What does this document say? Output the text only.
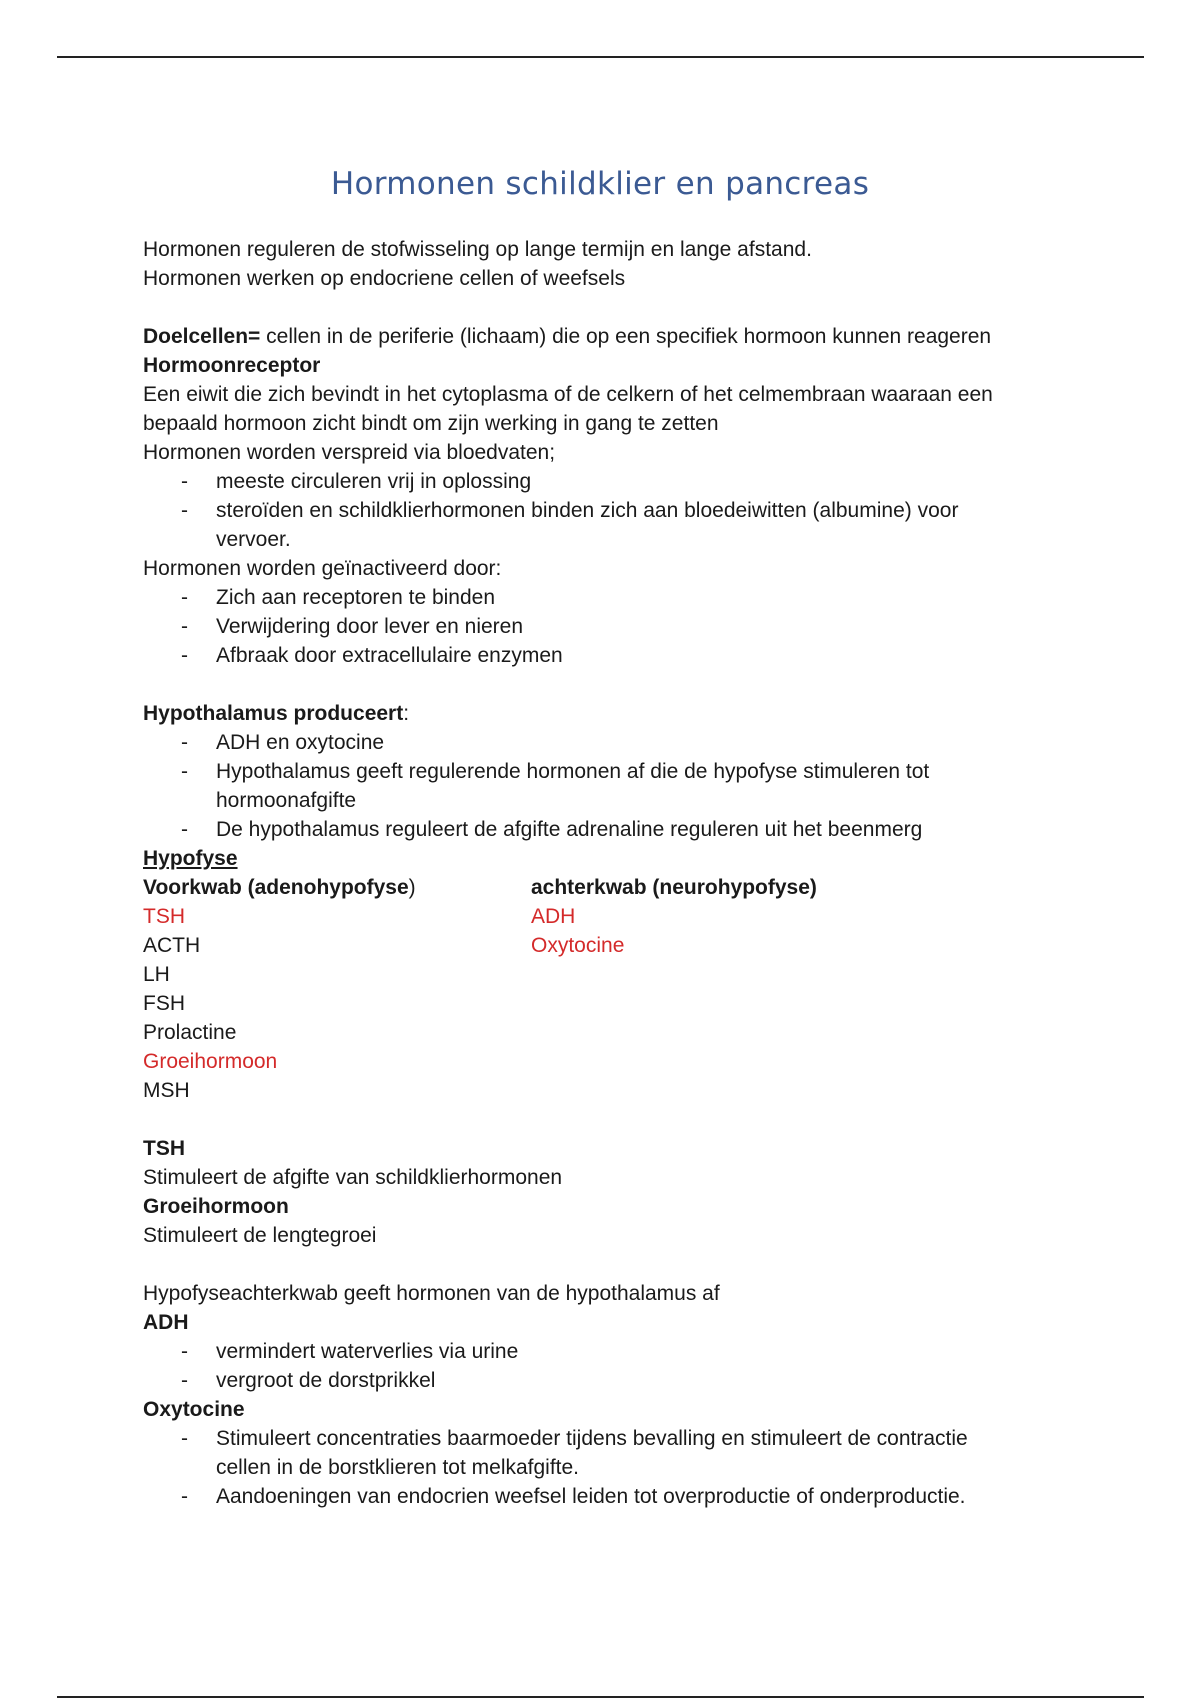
Hormonen schildklier en pancreas
Hormonen reguleren de stofwisseling op lange termijn en lange afstand.
Hormonen werken op endocriene cellen of weefsels
Doelcellen= cellen in de periferie (lichaam) die op een specifiek hormoon kunnen reageren
Hormoonreceptor
Een eiwit die zich bevindt in het cytoplasma of de celkern of het celmembraan waaraan een
bepaald hormoon zicht bindt om zijn werking in gang te zetten
Hormonen worden verspreid via bloedvaten;
- meeste circuleren vrij in oplossing
- steroïden en schildklierhormonen binden zich aan bloedeiwitten (albumine) voor
vervoer.
Hormonen worden geïnactiveerd door:
- Zich aan receptoren te binden
- Verwijdering door lever en nieren
- Afbraak door extracellulaire enzymen
Hypothalamus produceert:
- ADH en oxytocine
- Hypothalamus geeft regulerende hormonen af die de hypofyse stimuleren tot
hormoonafgifte
- De hypothalamus reguleert de afgifte adrenaline reguleren uit het beenmerg
Hypofyse
Voorkwab (adenohypofyse)
TSH
ACTH
LH
FSH
Prolactine
Groeihormoon
MSH
achterkwab (neurohypofyse)
ADH
Oxytocine
TSH
Stimuleert de afgifte van schildklierhormonen
Groeihormoon
Stimuleert de lengtegroei
Hypofyseachterkwab geeft hormonen van de hypothalamus af
ADH
- vermindert waterverlies via urine
- vergroot de dorstprikkel
Oxytocine
- Stimuleert concentraties baarmoeder tijdens bevalling en stimuleert de contractie
cellen in de borstklieren tot melkafgifte.
- Aandoeningen van endocrien weefsel leiden tot overproductie of onderproductie.
